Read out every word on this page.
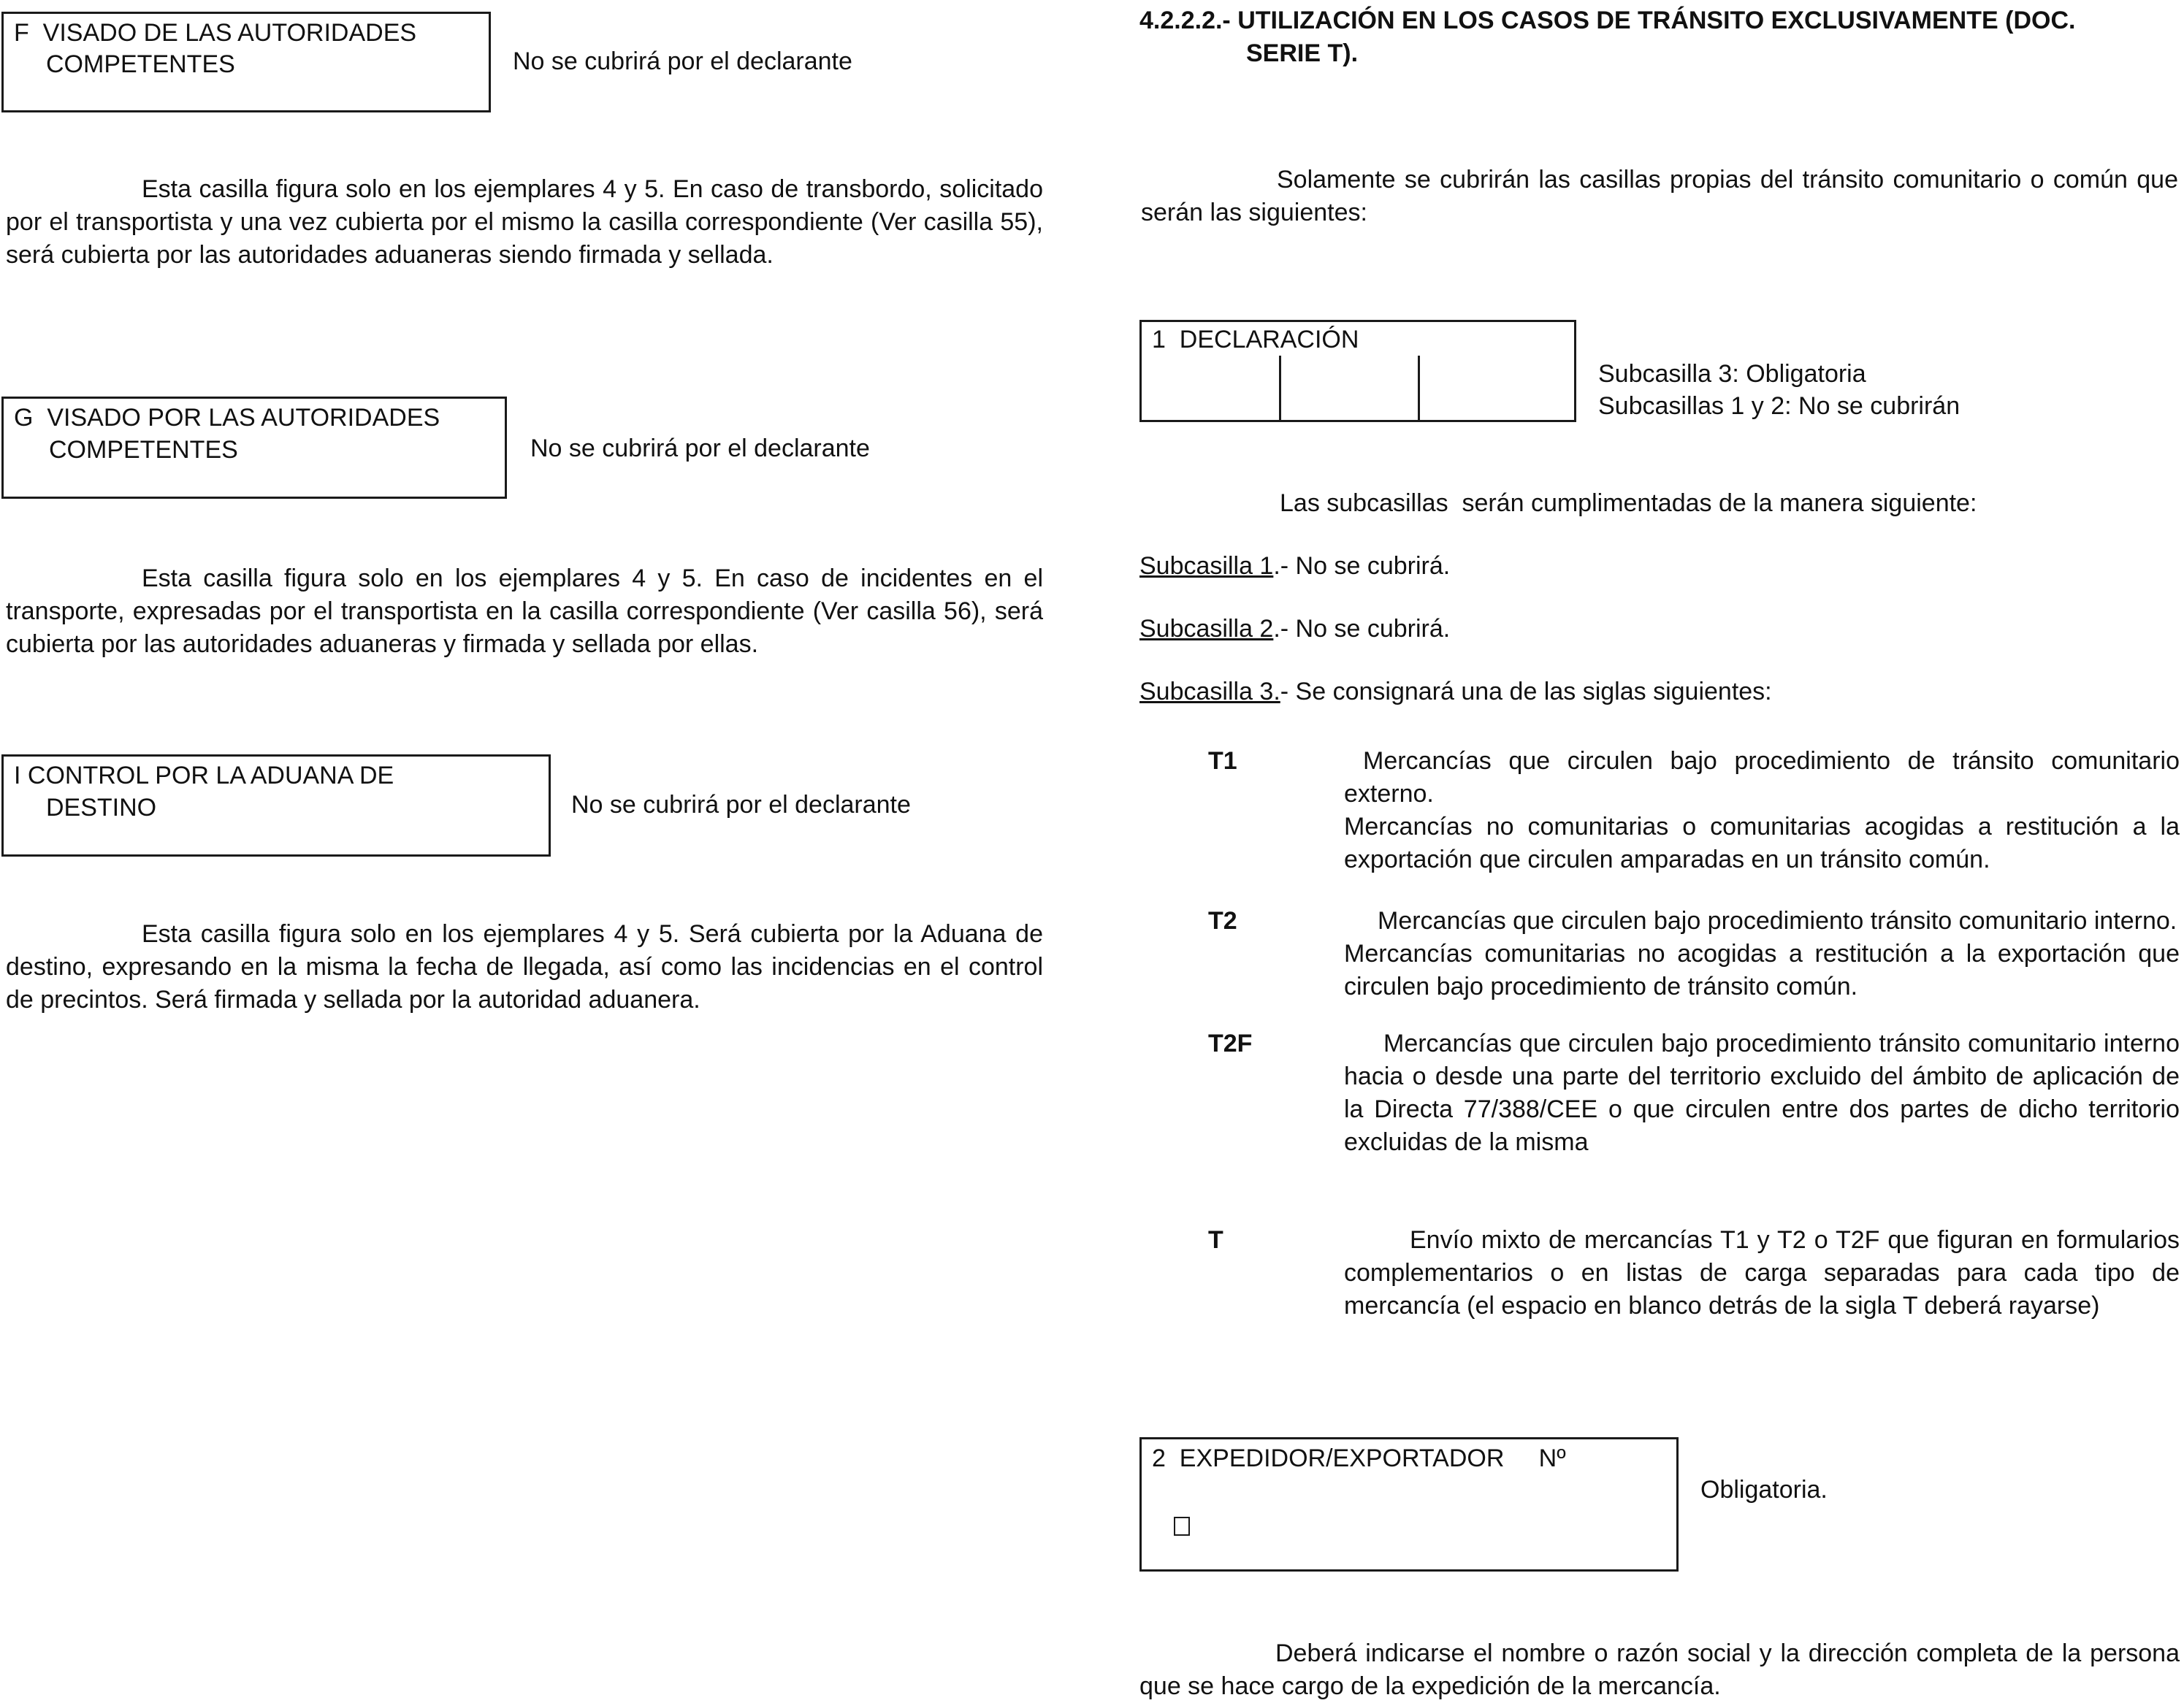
F  VISADO DE LAS AUTORIDADES
COMPETENTES	No se cubrirá por el declarante
Esta casilla figura solo en los ejemplares 4 y 5. En caso de transbordo, solicitado por el transportista y una vez cubierta por el mismo la casilla correspondiente (Ver casilla 55), será cubierta por las autoridades aduaneras siendo firmada y sellada.
G  VISADO POR LAS AUTORIDADES
COMPETENTES	No se cubrirá por el declarante
Esta casilla figura solo en los ejemplares 4 y 5. En caso de incidentes en el transporte, expresadas por el transportista en la casilla correspondiente (Ver casilla 56), será cubierta por las autoridades aduaneras y firmada y sellada por ellas.
I CONTROL POR LA ADUANA DE
DESTINO	No se cubrirá por el declarante
Esta casilla figura solo en los ejemplares 4 y 5. Será cubierta por la Aduana de destino, expresando en la misma la fecha de llegada, así como las incidencias en el control de precintos. Será firmada y sellada por la autoridad aduanera.
4.2.2.2.- UTILIZACIÓN EN LOS CASOS DE TRÁNSITO EXCLUSIVAMENTE (DOC.
SERIE T).
Solamente se cubrirán las casillas propias del tránsito comunitario o común que serán las siguientes:
1  DECLARACIÓN
Subcasilla 3: Obligatoria
Subcasillas 1 y 2: No se cubrirán
Las subcasillas  serán cumplimentadas de la manera siguiente:
Subcasilla 1.- No se cubrirá.
Subcasilla 2.- No se cubrirá.
Subcasilla 3.- Se consignará una de las siglas siguientes:
T1	Mercancías que circulen bajo procedimiento de tránsito comunitario externo.
Mercancías no comunitarias o comunitarias acogidas a restitución a la exportación que circulen amparadas en un tránsito común.
T2	Mercancías que circulen bajo procedimiento tránsito comunitario interno.
Mercancías comunitarias no acogidas a restitución a la exportación que circulen bajo procedimiento de tránsito común.
T2F	Mercancías que circulen bajo procedimiento tránsito comunitario interno hacia o desde una parte del territorio excluido del ámbito de aplicación de la Directa 77/388/CEE o que circulen entre dos partes de dicho territorio excluidas de la misma
T	Envío mixto de mercancías T1 y T2 o T2F que figuran en formularios complementarios o en listas de carga separadas para cada tipo de mercancía (el espacio en blanco detrás de la sigla T deberá rayarse)
2  EXPEDIDOR/EXPORTADOR     Nº
Obligatoria.
Deberá indicarse el nombre o razón social y la dirección completa de la persona que se hace cargo de la expedición de la mercancía.
